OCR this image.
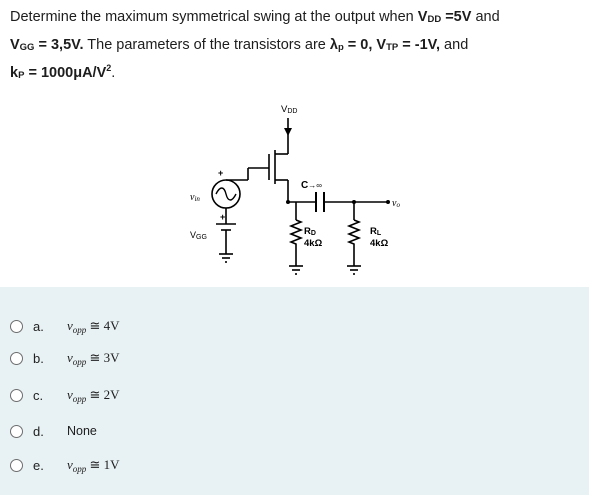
Determine the maximum symmetrical swing at the output when VDD =5V and
VGG = 3,5V. The parameters of the transistors are λp = 0, VTP = -1V, and
kP = $1000\mu A/V^2$.
VDD
C→∞
vin
+
vo
VGG
+
RD
4kΩ
RL
4kΩ
a.	$v_{opp}$ ≅ 4V
b.	$v_{opp}$ ≅ 3V
c.	$v_{opp}$ ≅ 2V
d.	None
e.	$v_{opp}$ ≅ 1V
